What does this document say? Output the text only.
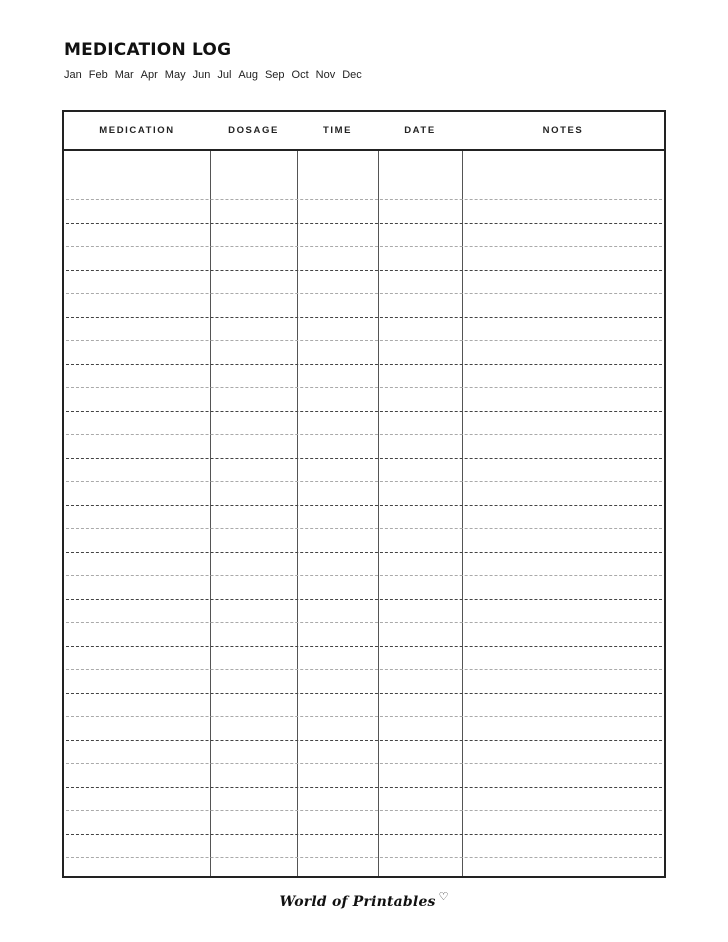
MEDICATION LOG
Jan Feb Mar Apr May Jun Jul Aug Sep Oct Nov Dec
MEDICATION	DOSAGE	TIME	DATE	NOTES
World of Printables ♡
